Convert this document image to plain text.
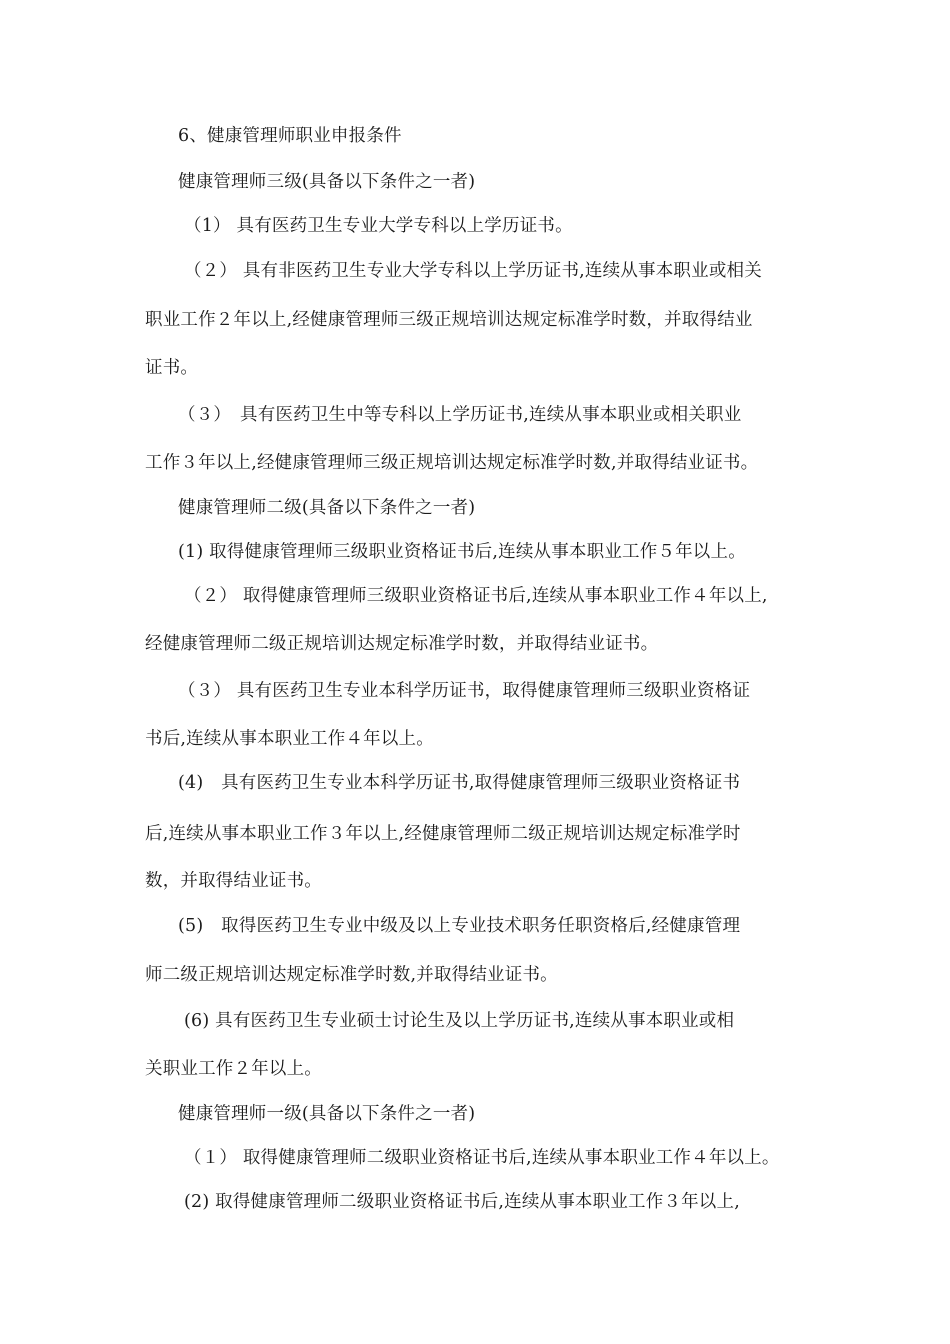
6、健康管理师职业申报条件
健康管理师三级(具备以下条件之一者)
（1） 具有医药卫生专业大学专科以上学历证书。
（２） 具有非医药卫生专业大学专科以上学历证书,连续从事本职业或相关
职业工作２年以上,经健康管理师三级正规培训达规定标准学时数，并取得结业
证书。
（３）　具有医药卫生中等专科以上学历证书,连续从事本职业或相关职业
工作３年以上,经健康管理师三级正规培训达规定标准学时数,并取得结业证书。
健康管理师二级(具备以下条件之一者)
(1) 取得健康管理师三级职业资格证书后,连续从事本职业工作５年以上。
（２） 取得健康管理师三级职业资格证书后,连续从事本职业工作４年以上,
经健康管理师二级正规培训达规定标准学时数，并取得结业证书。
（３） 具有医药卫生专业本科学历证书，取得健康管理师三级职业资格证
书后,连续从事本职业工作４年以上。
(4)　具有医药卫生专业本科学历证书,取得健康管理师三级职业资格证书
后,连续从事本职业工作３年以上,经健康管理师二级正规培训达规定标准学时
数，并取得结业证书。
(5)　取得医药卫生专业中级及以上专业技术职务任职资格后,经健康管理
师二级正规培训达规定标准学时数,并取得结业证书。
(6) 具有医药卫生专业硕士讨论生及以上学历证书,连续从事本职业或相
关职业工作２年以上。
健康管理师一级(具备以下条件之一者)
（１） 取得健康管理师二级职业资格证书后,连续从事本职业工作４年以上。
(2) 取得健康管理师二级职业资格证书后,连续从事本职业工作３年以上,
